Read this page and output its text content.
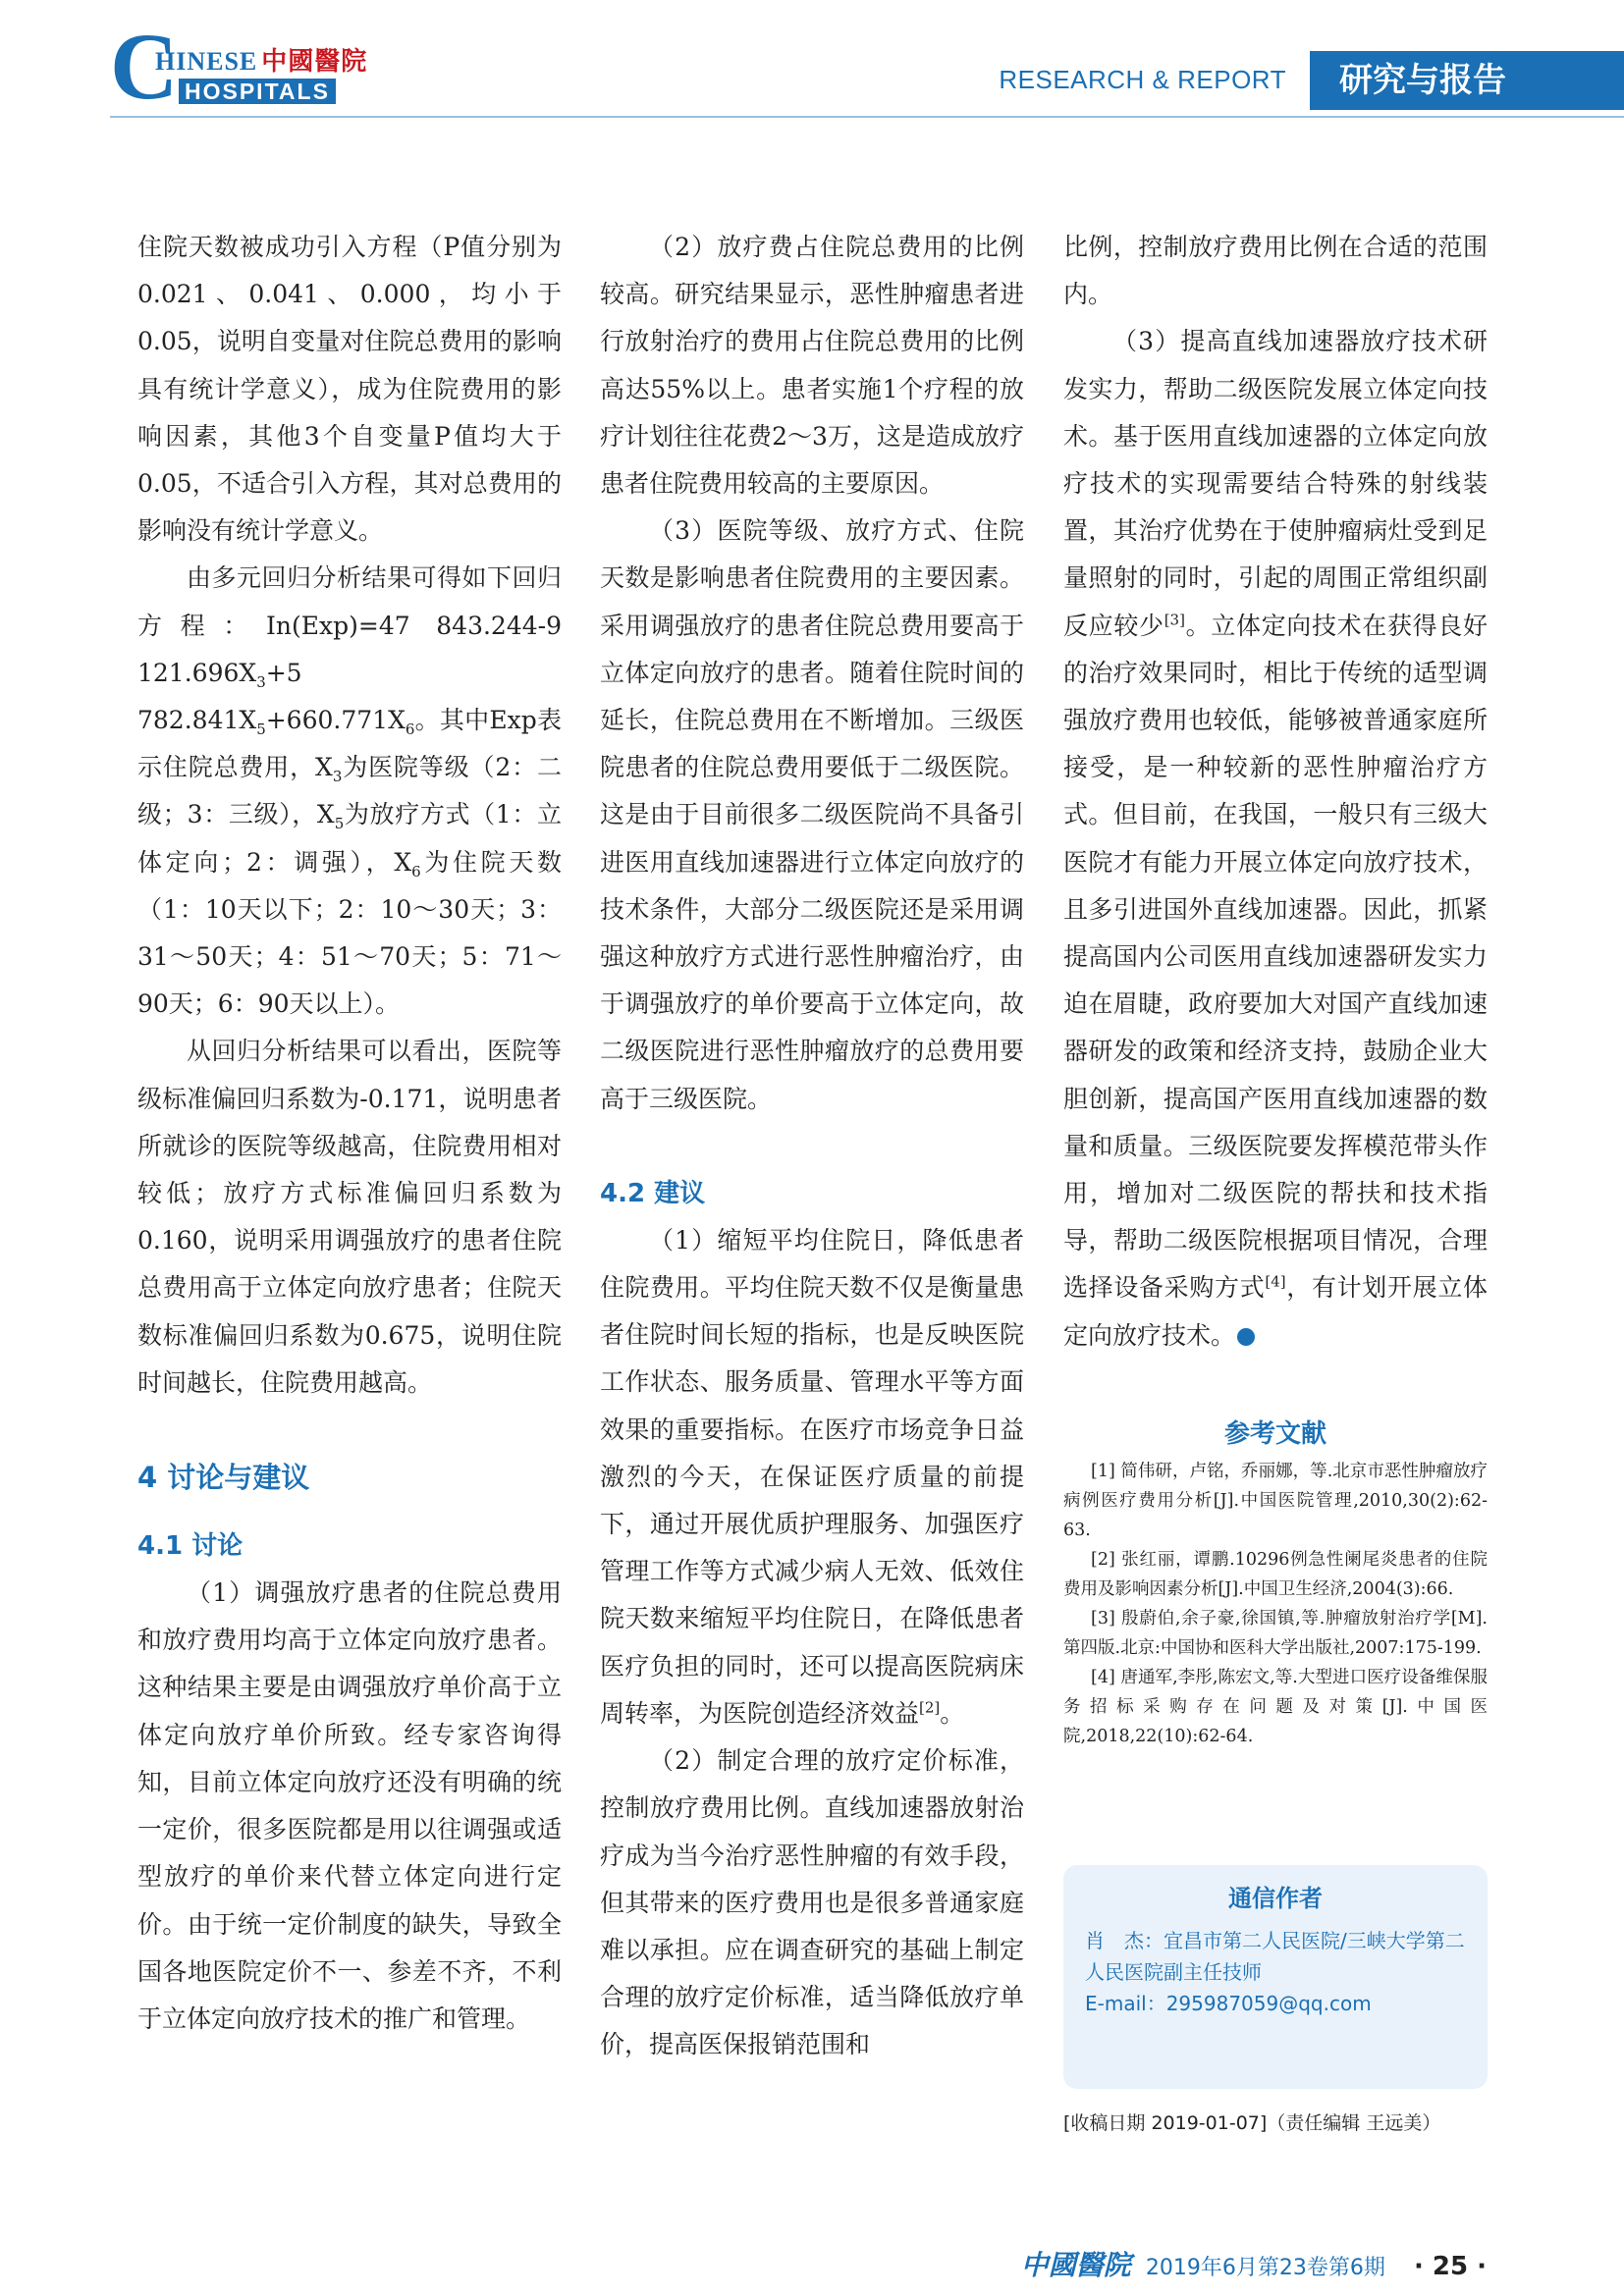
C
HINESE 中國醫院
HOSPITALS	RESEARCH & REPORT	研究与报告

住院天数被成功引入方程（P值分别为0.021、0.041、0.000，均小于0.05，说明自变量对住院总费用的影响具有统计学意义），成为住院费用的影响因素，其他3个自变量P值均大于0.05，不适合引入方程，其对总费用的影响没有统计学意义。

由多元回归分析结果可得如下回归方程：In(Exp)=47 843.244-9 $121.696X_3+5$ $782.841X_5+660.771X_6$。其中Exp表示住院总费用，$X_3$为医院等级（2：二级；3：三级），$X_5$为放疗方式（1：立体定向；2：调强），$X_6$为住院天数（1：10天以下；2：10～30天；3：31～50天；4：51～70天；5：71～90天；6：90天以上）。

从回归分析结果可以看出，医院等级标准偏回归系数为-0.171，说明患者所就诊的医院等级越高，住院费用相对较低；放疗方式标准偏回归系数为0.160，说明采用调强放疗的患者住院总费用高于立体定向放疗患者；住院天数标准偏回归系数为0.675，说明住院时间越长，住院费用越高。

4 讨论与建议
4.1 讨论

（1）调强放疗患者的住院总费用和放疗费用均高于立体定向放疗患者。这种结果主要是由调强放疗单价高于立体定向放疗单价所致。经专家咨询得知，目前立体定向放疗还没有明确的统一定价，很多医院都是用以往调强或适型放疗的单价来代替立体定向进行定价。由于统一定价制度的缺失，导致全国各地医院定价不一、参差不齐，不利于立体定向放疗技术的推广和管理。

（2）放疗费占住院总费用的比例较高。研究结果显示，恶性肿瘤患者进行放射治疗的费用占住院总费用的比例高达55%以上。患者实施1个疗程的放疗计划往往花费2～3万，这是造成放疗患者住院费用较高的主要原因。

（3）医院等级、放疗方式、住院天数是影响患者住院费用的主要因素。采用调强放疗的患者住院总费用要高于立体定向放疗的患者。随着住院时间的延长，住院总费用在不断增加。三级医院患者的住院总费用要低于二级医院。这是由于目前很多二级医院尚不具备引进医用直线加速器进行立体定向放疗的技术条件，大部分二级医院还是采用调强这种放疗方式进行恶性肿瘤治疗，由于调强放疗的单价要高于立体定向，故二级医院进行恶性肿瘤放疗的总费用要高于三级医院。

4.2 建议

（1）缩短平均住院日，降低患者住院费用。平均住院天数不仅是衡量患者住院时间长短的指标，也是反映医院工作状态、服务质量、管理水平等方面效果的重要指标。在医疗市场竞争日益激烈的今天，在保证医疗质量的前提下，通过开展优质护理服务、加强医疗管理工作等方式减少病人无效、低效住院天数来缩短平均住院日，在降低患者医疗负担的同时，还可以提高医院病床周转率，为医院创造经济效益[2]。

（2）制定合理的放疗定价标准，控制放疗费用比例。直线加速器放射治疗成为当今治疗恶性肿瘤的有效手段，但其带来的医疗费用也是很多普通家庭难以承担。应在调查研究的基础上制定合理的放疗定价标准，适当降低放疗单价，提高医保报销范围和

比例，控制放疗费用比例在合适的范围内。

（3）提高直线加速器放疗技术研发实力，帮助二级医院发展立体定向技术。基于医用直线加速器的立体定向放疗技术的实现需要结合特殊的射线装置，其治疗优势在于使肿瘤病灶受到足量照射的同时，引起的周围正常组织副反应较少[3]。立体定向技术在获得良好的治疗效果同时，相比于传统的适型调强放疗费用也较低，能够被普通家庭所接受，是一种较新的恶性肿瘤治疗方式。但目前，在我国，一般只有三级大医院才有能力开展立体定向放疗技术，且多引进国外直线加速器。因此，抓紧提高国内公司医用直线加速器研发实力迫在眉睫，政府要加大对国产直线加速器研发的政策和经济支持，鼓励企业大胆创新，提高国产医用直线加速器的数量和质量。三级医院要发挥模范带头作用，增加对二级医院的帮扶和技术指导，帮助二级医院根据项目情况，合理选择设备采购方式[4]，有计划开展立体定向放疗技术。

参考文献

[1] 简伟研，卢铭，乔丽娜，等.北京市恶性肿瘤放疗病例医疗费用分析[J].中国医院管理,2010,30(2):62-63.

[2] 张红丽，谭鹏.10296例急性阑尾炎患者的住院费用及影响因素分析[J].中国卫生经济,2004(3):66.

[3] 殷蔚伯,余子豪,徐国镇,等.肿瘤放射治疗学[M].第四版.北京:中国协和医科大学出版社,2007:175-199.

[4] 唐通军,李彤,陈宏文,等.大型进口医疗设备维保服务招标采购存在问题及对策[J].中国医院,2018,22(10):62-64.

通信作者
肖　杰：宜昌市第二人民医院/三峡大学第二人民医院副主任技师
E-mail：295987059@qq.com
[收稿日期 2019-01-07]（责任编辑 王远美）
中國醫院 2019年6月第23卷第6期 · 25 ·
